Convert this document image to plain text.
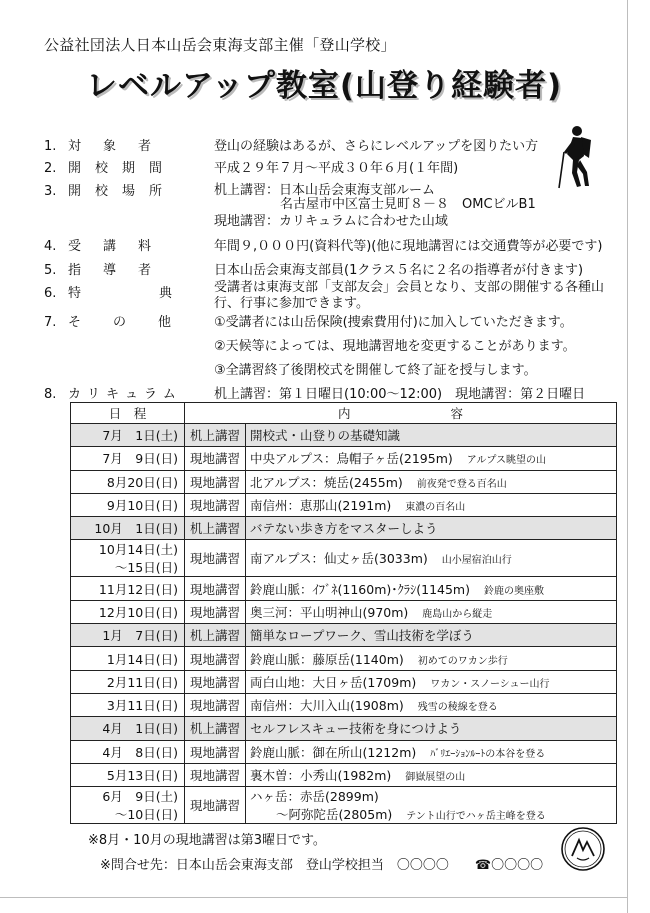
公益社団法人日本山岳会東海支部主催「登山学校」
レベルアップ教室(山登り経験者)
1. 対象者	登山の経験はあるが、さらにレベルアップを図りたい方
2. 開校期間	平成２９年７月～平成３０年６月(１年間)
3. 開校場所	机上講習：日本山岳会東海支部ルーム
名古屋市中区富士見町８－８　OMCビルB1
現地講習：カリキュラムに合わせた山域
4. 受講料	年間９,０００円(資料代等)(他に現地講習には交通費等が必要です)
5. 指導者	日本山岳会東海支部員(1クラス５名に２名の指導者が付きます)
6. 特典
受講者は東海支部「支部友会」会員となり、支部の開催する各種山
行、行事に参加できます。
7. その他 ①受講者には山岳保険(捜索費用付)に加入していただきます。
②天候等によっては、現地講習地を変更することがあります。
③全講習終了後閉校式を開催して終了証を授与します。
8. カリキュラム 机上講習：第１日曜日(10:00～12:00)　現地講習：第２日曜日
日　程	内　　　　　　　　容	

7月　1日(土)	机上講習	開校式・山登りの基礎知識

7月　9日(日)	現地講習	中央アルプス：鳥帽子ヶ岳(2195m) アルプス眺望の山

8月20日(日)	現地講習	北アルプス：焼岳(2455m) 前夜発で登る百名山

9月10日(日)	現地講習	南信州：恵那山(2191m) 東濃の百名山

10月　1日(日)	机上講習	バテない歩き方をマスターしよう

10月14日(土)
～15日(日)	現地講習	南アルプス：仙丈ヶ岳(3033m) 山小屋宿泊山行

11月12日(日)	現地講習	鈴鹿山脈：ｲﾌﾞﾈ(1160m)･ｸﾗｼ(1145m) 鈴鹿の奥座敷

12月10日(日)	現地講習	奥三河：平山明神山(970m) 鹿島山から縦走

1月　7日(日)	机上講習	簡単なロープワーク、雪山技術を学ぼう

1月14日(日)	現地講習	鈴鹿山脈：藤原岳(1140m) 初めてのワカン歩行

2月11日(日)	現地講習	両白山地：大日ヶ岳(1709m) ワカン・スノーシュー山行

3月11日(日)	現地講習	南信州：大川入山(1908m) 残雪の稜線を登る

4月　1日(日)	机上講習	セルフレスキュー技術を身につけよう

4月　8日(日)	現地講習	鈴鹿山脈：御在所山(1212m) ﾊﾞﾘｴｰｼｮﾝﾙｰﾄの本谷を登る

5月13日(日)	現地講習	裏木曽：小秀山(1982m) 御嶽展望の山

6月　9日(土)
～10日(日)	現地講習	ハヶ岳：赤岳(2899m)
～阿弥陀岳(2805m) テント山行でハヶ岳主峰を登る
※8月・10月の現地講習は第3曜日です。
※問合せ先：日本山岳会東海支部　登山学校担当　〇〇〇〇　　☎〇〇〇〇
